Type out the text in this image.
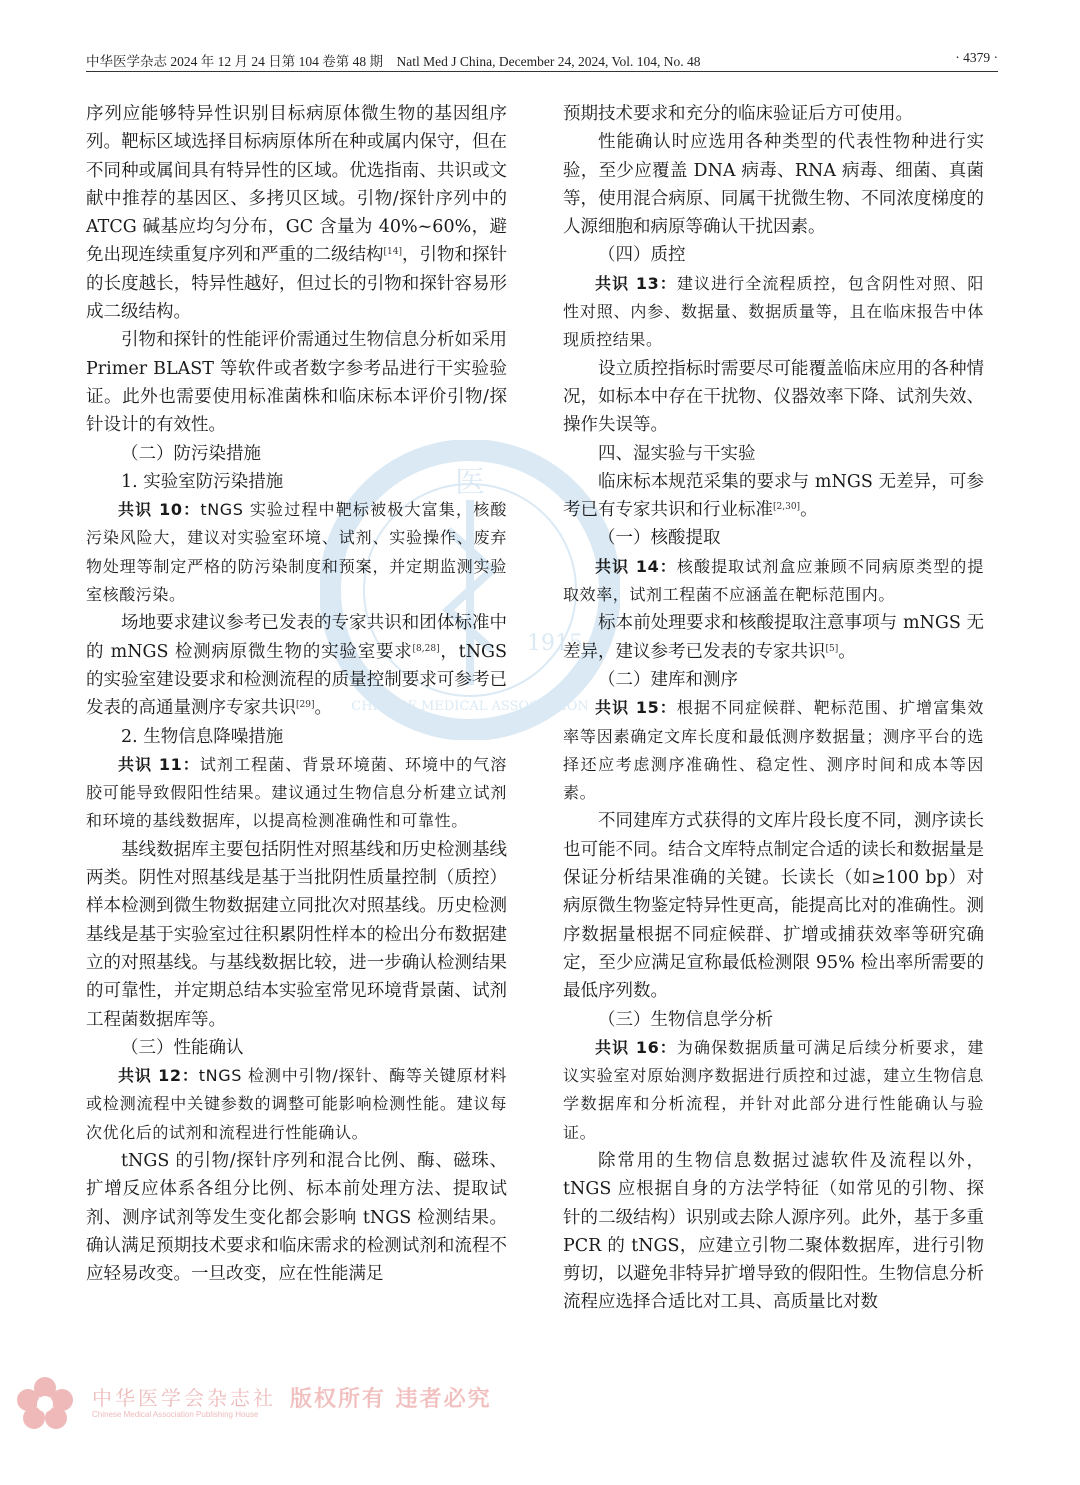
中华医学杂志 2024 年 12 月 24 日第 104 卷第 48 期　Natl Med J China, December 24, 2024, Vol. 104, No. 48	· 4379 ·
医
1915
CHINESE MEDICAL ASSOCIATION

序列应能够特异性识别目标病原体微生物的基因组序列。靶标区域选择目标病原体所在种或属内保守，但在不同种或属间具有特异性的区域。优选指南、共识或文献中推荐的基因区、多拷贝区域。引物/探针序列中的 ATCG 碱基应均匀分布，GC 含量为 40%~60%，避免出现连续重复序列和严重的二级结构[14]，引物和探针的长度越长，特异性越好，但过长的引物和探针容易形成二级结构。

引物和探针的性能评价需通过生物信息分析如采用 Primer BLAST 等软件或者数字参考品进行干实验验证。此外也需要使用标准菌株和临床标本评价引物/探针设计的有效性。

（二）防污染措施

1. 实验室防污染措施

共识 10：tNGS 实验过程中靶标被极大富集，核酸污染风险大，建议对实验室环境、试剂、实验操作、废弃物处理等制定严格的防污染制度和预案，并定期监测实验室核酸污染。

场地要求建议参考已发表的专家共识和团体标准中的 mNGS 检测病原微生物的实验室要求[8,28]，tNGS 的实验室建设要求和检测流程的质量控制要求可参考已发表的高通量测序专家共识[29]。

2. 生物信息降噪措施

共识 11：试剂工程菌、背景环境菌、环境中的气溶胶可能导致假阳性结果。建议通过生物信息分析建立试剂和环境的基线数据库，以提高检测准确性和可靠性。

基线数据库主要包括阴性对照基线和历史检测基线两类。阴性对照基线是基于当批阴性质量控制（质控）样本检测到微生物数据建立同批次对照基线。历史检测基线是基于实验室过往积累阴性样本的检出分布数据建立的对照基线。与基线数据比较，进一步确认检测结果的可靠性，并定期总结本实验室常见环境背景菌、试剂工程菌数据库等。

（三）性能确认

共识 12：tNGS 检测中引物/探针、酶等关键原材料或检测流程中关键参数的调整可能影响检测性能。建议每次优化后的试剂和流程进行性能确认。

tNGS 的引物/探针序列和混合比例、酶、磁珠、扩增反应体系各组分比例、标本前处理方法、提取试剂、测序试剂等发生变化都会影响 tNGS 检测结果。确认满足预期技术要求和临床需求的检测试剂和流程不应轻易改变。一旦改变，应在性能满足

预期技术要求和充分的临床验证后方可使用。

性能确认时应选用各种类型的代表性物种进行实验，至少应覆盖 DNA 病毒、RNA 病毒、细菌、真菌等，使用混合病原、同属干扰微生物、不同浓度梯度的人源细胞和病原等确认干扰因素。

（四）质控

共识 13：建议进行全流程质控，包含阴性对照、阳性对照、内参、数据量、数据质量等，且在临床报告中体现质控结果。

设立质控指标时需要尽可能覆盖临床应用的各种情况，如标本中存在干扰物、仪器效率下降、试剂失效、操作失误等。

四、湿实验与干实验

临床标本规范采集的要求与 mNGS 无差异，可参考已有专家共识和行业标准[2,30]。

（一）核酸提取

共识 14：核酸提取试剂盒应兼顾不同病原类型的提取效率，试剂工程菌不应涵盖在靶标范围内。

标本前处理要求和核酸提取注意事项与 mNGS 无差异，建议参考已发表的专家共识[5]。

（二）建库和测序

共识 15：根据不同症候群、靶标范围、扩增富集效率等因素确定文库长度和最低测序数据量；测序平台的选择还应考虑测序准确性、稳定性、测序时间和成本等因素。

不同建库方式获得的文库片段长度不同，测序读长也可能不同。结合文库特点制定合适的读长和数据量是保证分析结果准确的关键。长读长（如≥100 bp）对病原微生物鉴定特异性更高，能提高比对的准确性。测序数据量根据不同症候群、扩增或捕获效率等研究确定，至少应满足宣称最低检测限 95% 检出率所需要的最低序列数。

（三）生物信息学分析

共识 16：为确保数据质量可满足后续分析要求，建议实验室对原始测序数据进行质控和过滤，建立生物信息学数据库和分析流程，并针对此部分进行性能确认与验证。

除常用的生物信息数据过滤软件及流程以外，tNGS 应根据自身的方法学特征（如常见的引物、探针的二级结构）识别或去除人源序列。此外，基于多重 PCR 的 tNGS，应建立引物二聚体数据库，进行引物剪切，以避免非特异扩增导致的假阳性。生物信息分析流程应选择合适比对工具、高质量比对数

中华医学会杂志社
Chinese Medical Association Publishing House
版权所有 违者必究
